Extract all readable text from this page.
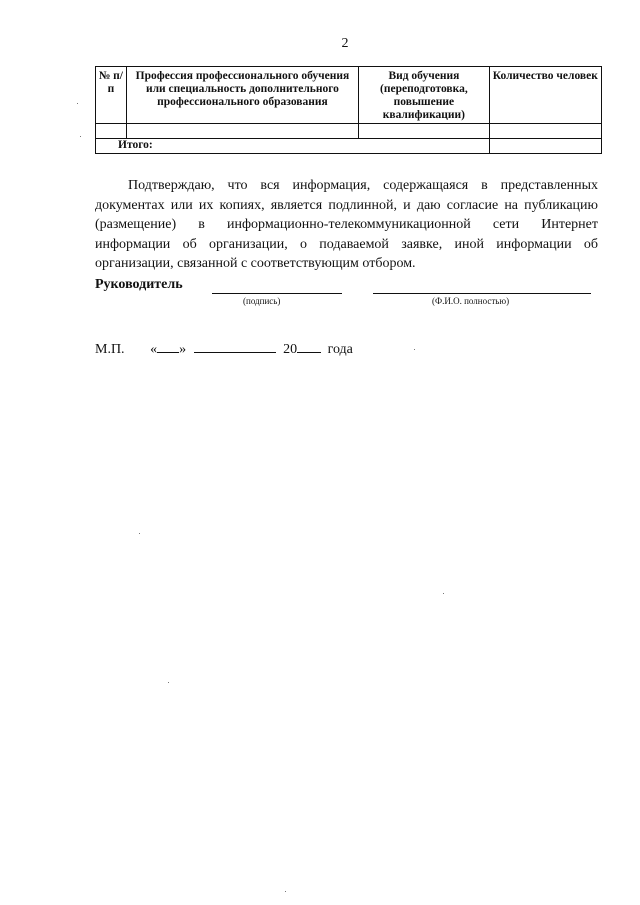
2
№ п/п	Профессия профессионального обучения или специальность дополнительного профессионального образования	Вид обучения (переподготовка, повышение квалификации)	Количество человек

Итого:			

Подтверждаю, что вся информация, содержащаяся в представленных документах или их копиях, является подлинной, и даю согласие на публикацию (размещение) в информационно-телекоммуникационной сети Интернет информации об организации, о подаваемой заявке, иной информации об организации, связанной с соответствующим отбором.

Руководитель
(подпись)	(Ф.И.О. полностью)
М.П. « »	20 года
